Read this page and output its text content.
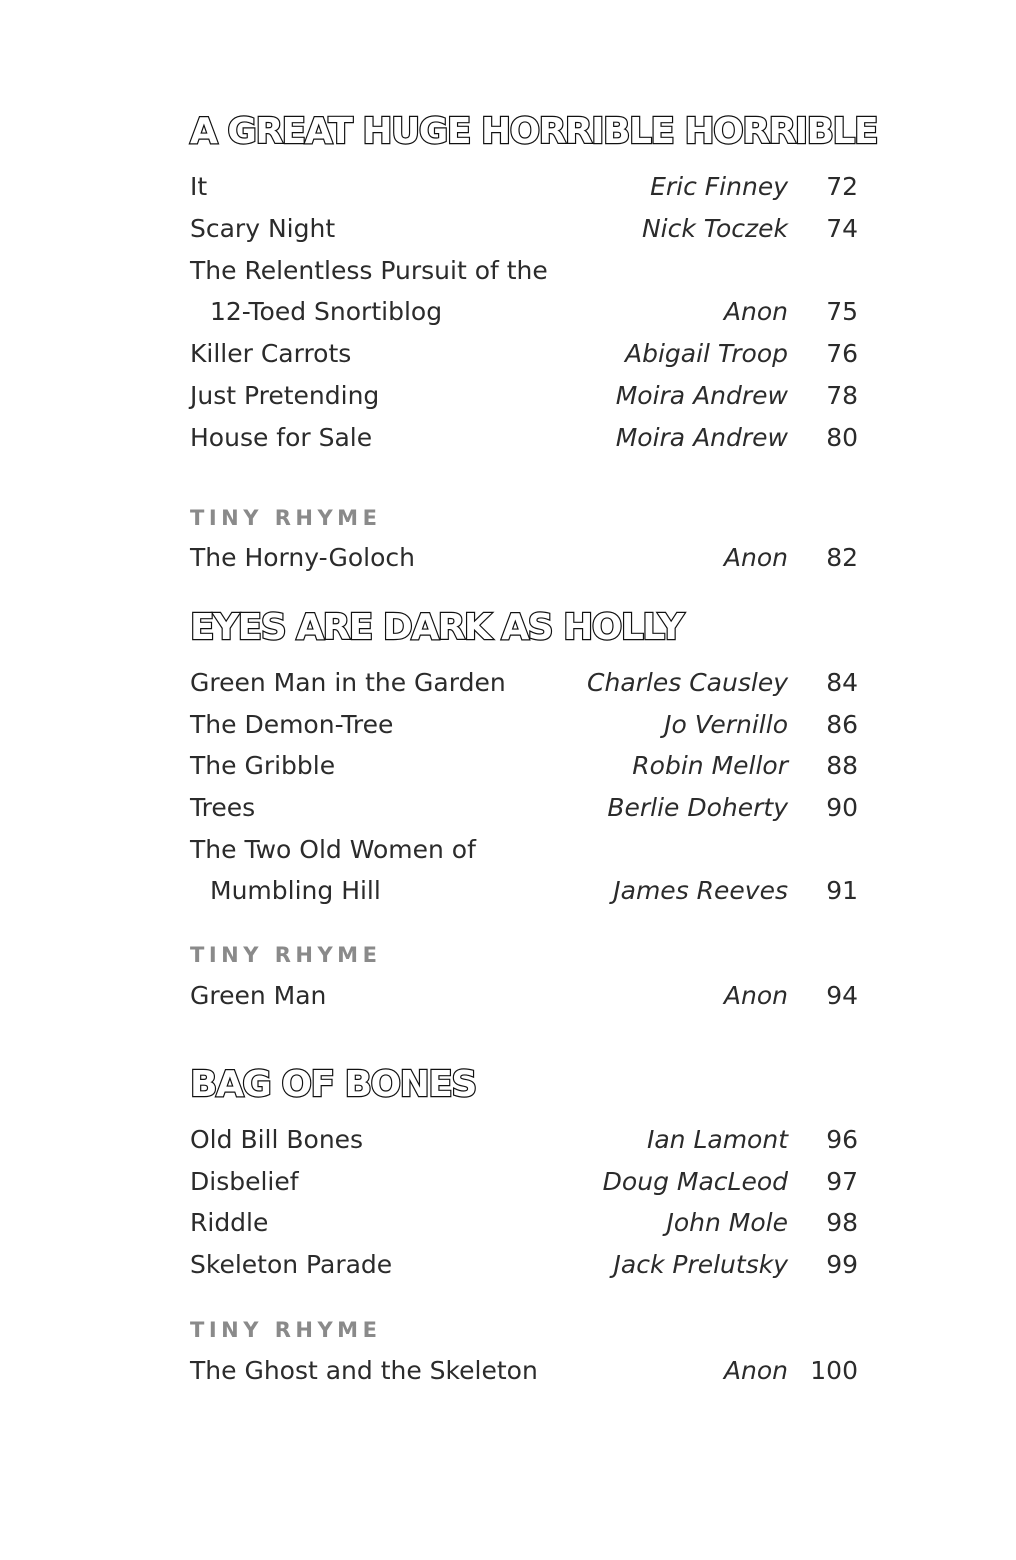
A GREAT HUGE HORRIBLE HORRIBLE
It	Eric Finney 72
Scary Night	Nick Toczek 74
The Relentless Pursuit of the
12-Toed Snortiblog	Anon 75
Killer Carrots	Abigail Troop 76
Just Pretending	Moira Andrew 78
House for Sale	Moira Andrew 80
TINY RHYME
The Horny-Goloch	Anon 82
EYES ARE DARK AS HOLLY
Green Man in the Garden	Charles Causley 84
The Demon-Tree	Jo Vernillo 86
The Gribble	Robin Mellor 88
Trees	Berlie Doherty 90
The Two Old Women of
Mumbling Hill	James Reeves 91
TINY RHYME
Green Man	Anon 94
BAG OF BONES
Old Bill Bones	Ian Lamont 96
Disbelief	Doug MacLeod 97
Riddle	John Mole 98
Skeleton Parade	Jack Prelutsky 99
TINY RHYME
The Ghost and the Skeleton	Anon 100
